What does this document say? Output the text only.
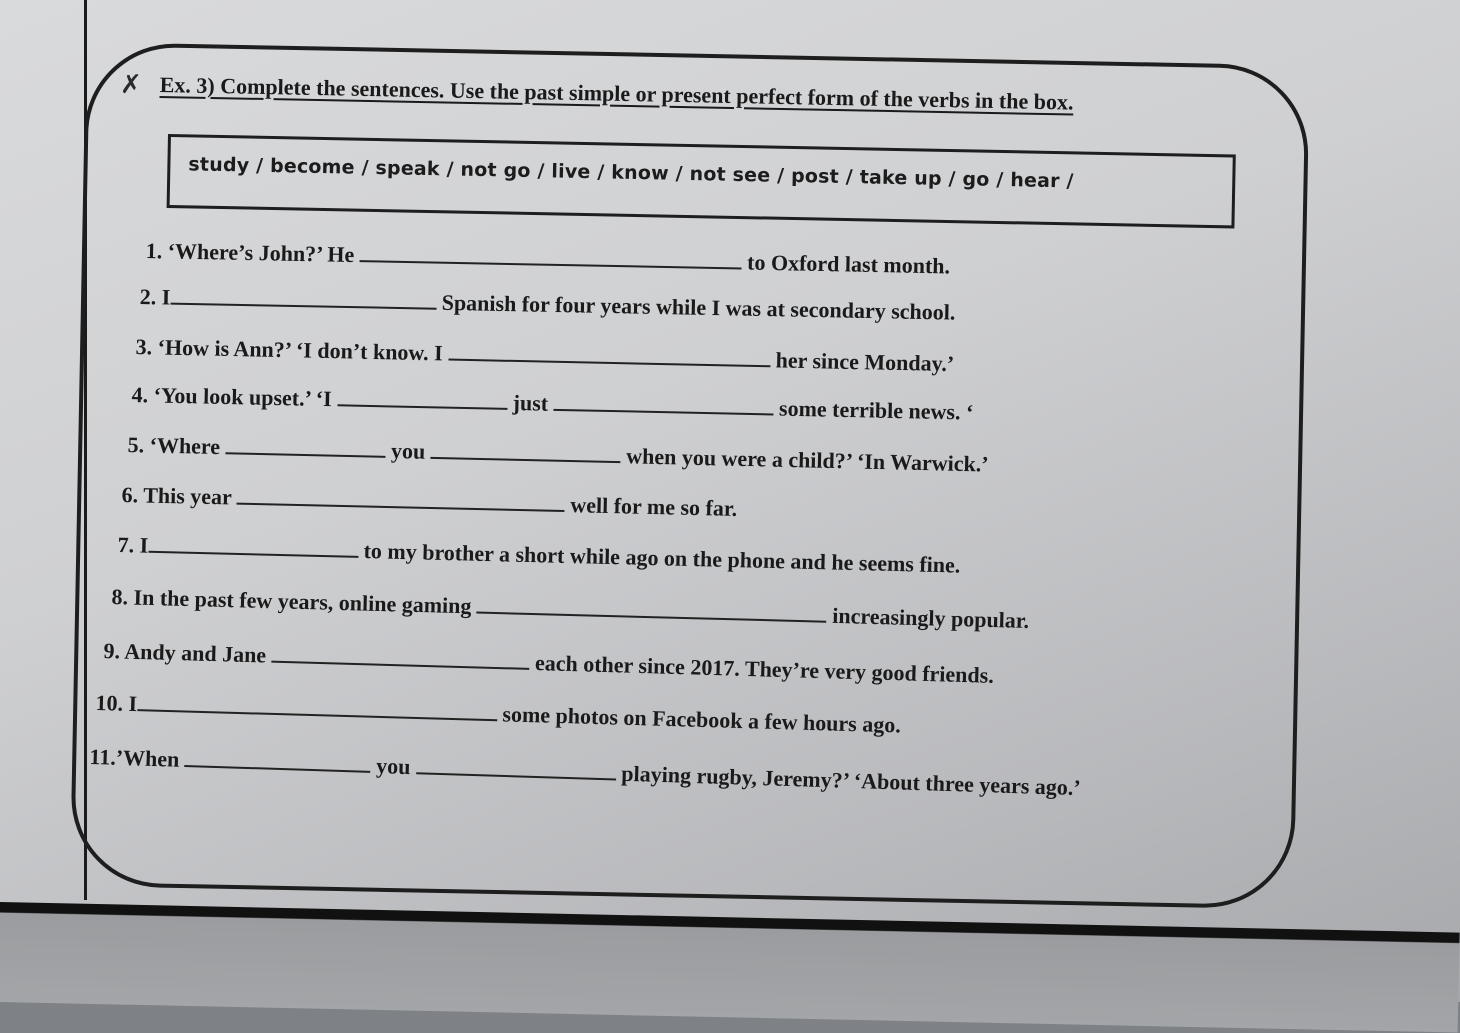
✗ Ex. 3) Complete the sentences. Use the past simple or present perfect form of the verbs in the box.
study / become / speak / not go / live / know / not see / post / take up / go / hear /
1. ‘Where’s John?’ He	to Oxford last month.
2. I	Spanish for four years while I was at secondary school.
3. ‘How is Ann?’ ‘I don’t know. I	her since Monday.’
4. ‘You look upset.’ ‘I	just	some terrible news. ‘
5. ‘Where	you	when you were a child?’ ‘In Warwick.’
6. This year	well for me so far.
7. I	to my brother a short while ago on the phone and he seems fine.
8. In the past few years, online gaming	increasingly popular.
9. Andy and Jane	each other since 2017. They’re very good friends.
10. I	some photos on Facebook a few hours ago.
11.’When	you	playing rugby, Jeremy?’ ‘About three years ago.’
